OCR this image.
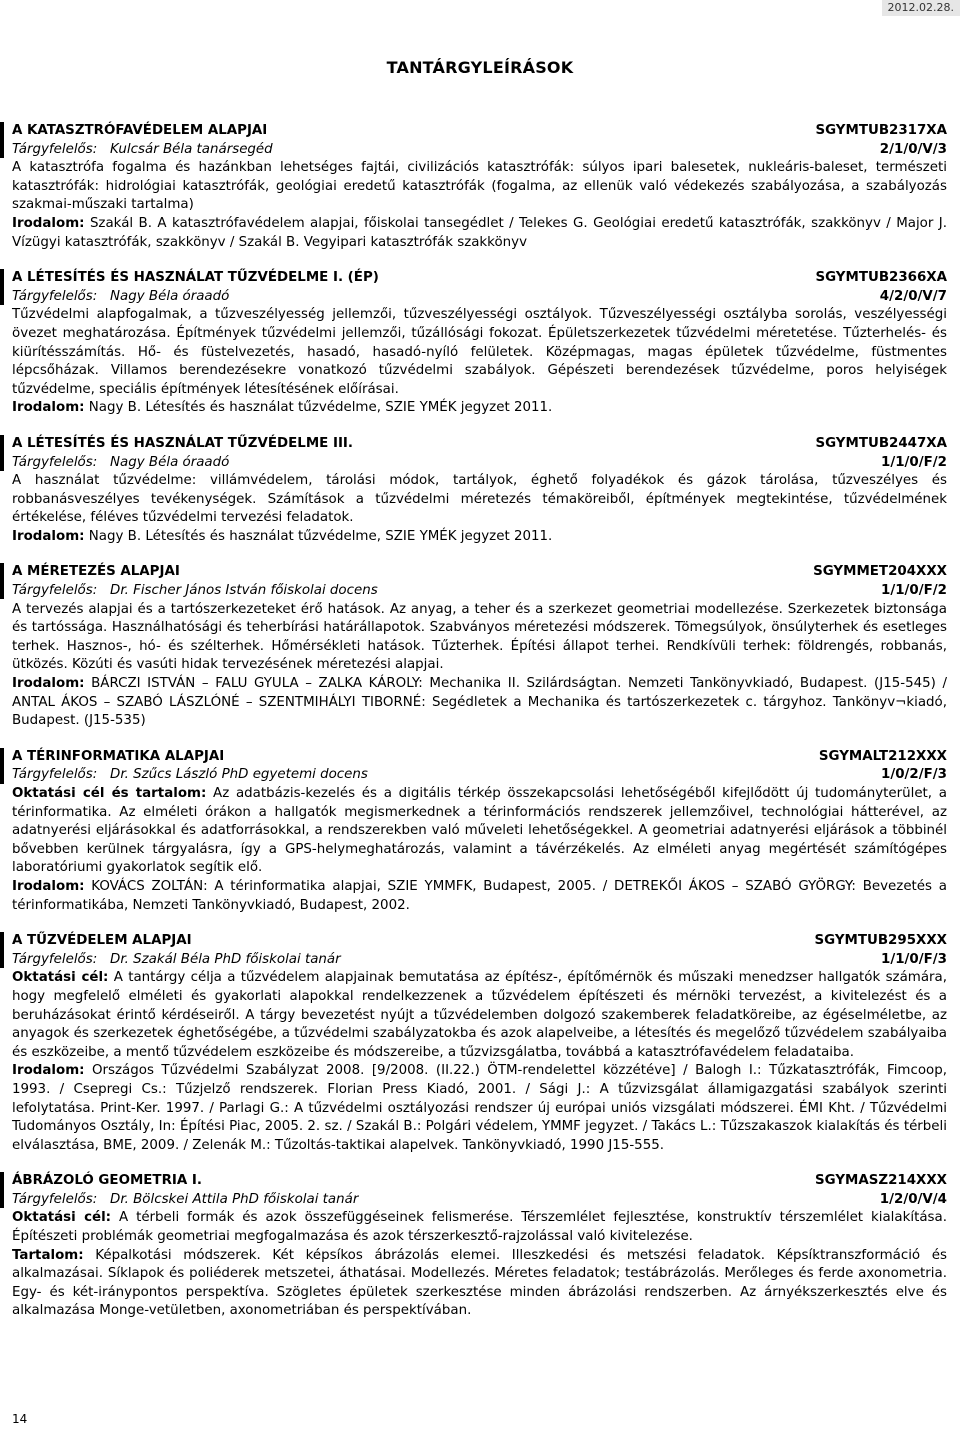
2012.02.28.
TANTÁRGYLEÍRÁSOK
A KATASZTRÓFAVÉDELEM ALAPJAI	SGYMTUB2317XA
Tárgyfelelős: Kulcsár Béla tanársegéd	2/1/0/V/3
A katasztrófa fogalma és hazánkban lehetséges fajtái, civilizációs katasztrófák: súlyos ipari balesetek, nukleáris-baleset, természeti katasztrófák: hidrológiai katasztrófák, geológiai eredetű katasztrófák (fogalma, az ellenük való védekezés szabályozása, a szabályozás szakmai-műszaki tartalma)
Irodalom: Szakál B. A katasztrófavédelem alapjai, főiskolai tansegédlet / Telekes G. Geológiai eredetű katasztrófák, szakkönyv / Major J. Vízügyi katasztrófák, szakkönyv / Szakál B. Vegyipari katasztrófák szakkönyv
A LÉTESÍTÉS ÉS HASZNÁLAT TŰZVÉDELME I. (ÉP)	SGYMTUB2366XA
Tárgyfelelős: Nagy Béla óraadó	4/2/0/V/7
Tűzvédelmi alapfogalmak, a tűzveszélyesség jellemzői, tűzveszélyességi osztályok. Tűzveszélyességi osztályba sorolás, veszélyességi övezet meghatározása. Építmények tűzvédelmi jellemzői, tűzállósági fokozat. Épületszerkezetek tűzvédelmi méretetése. Tűzterhelés- és kiürítésszámítás. Hő- és füstelvezetés, hasadó, hasadó-nyíló felületek. Középmagas, magas épületek tűzvédelme, füstmentes lépcsőházak. Villamos berendezésekre vonatkozó tűzvédelmi szabályok. Gépészeti berendezések tűzvédelme, poros helyiségek tűzvédelme, speciális építmények létesítésének előírásai.
Irodalom: Nagy B. Létesítés és használat tűzvédelme, SZIE YMÉK jegyzet 2011.
A LÉTESÍTÉS ÉS HASZNÁLAT TŰZVÉDELME III.	SGYMTUB2447XA
Tárgyfelelős: Nagy Béla óraadó	1/1/0/F/2
A használat tűzvédelme: villámvédelem, tárolási módok, tartályok, éghető folyadékok és gázok tárolása, tűzveszélyes és robbanásveszélyes tevékenységek. Számítások a tűzvédelmi méretezés témaköreiből, építmények megtekintése, tűzvédelmének értékelése, féléves tűzvédelmi tervezési feladatok.
Irodalom: Nagy B. Létesítés és használat tűzvédelme, SZIE YMÉK jegyzet 2011.
A MÉRETEZÉS ALAPJAI	SGYMMET204XXX
Tárgyfelelős: Dr. Fischer János István főiskolai docens	1/1/0/F/2
A tervezés alapjai és a tartószerkezeteket érő hatások. Az anyag, a teher és a szerkezet geometriai modellezése. Szerkezetek biztonsága és tartóssága. Használhatósági és teherbírási határállapotok. Szabványos méretezési módszerek. Tömegsúlyok, önsúlyterhek és esetleges terhek. Hasznos-, hó- és szélterhek. Hőmérsékleti hatások. Tűzterhek. Építési állapot terhei. Rendkívüli terhek: földrengés, robbanás, ütközés. Közúti és vasúti hidak tervezésének méretezési alapjai.
Irodalom: BÁRCZI ISTVÁN – FALU GYULA – ZALKA KÁROLY: Mechanika II. Szilárdságtan. Nemzeti Tankönyvkiadó, Budapest. (J15-545) / ANTAL ÁKOS – SZABÓ LÁSZLÓNÉ – SZENTMIHÁLYI TIBORNÉ: Segédletek a Mechanika és tartószerkezetek c. tárgyhoz. Tankönyv¬kiadó, Budapest. (J15-535)
A TÉRINFORMATIKA ALAPJAI	SGYMALT212XXX
Tárgyfelelős: Dr. Szűcs László PhD egyetemi docens	1/0/2/F/3
Oktatási cél és tartalom: Az adatbázis-kezelés és a digitális térkép összekapcsolási lehetőségéből kifejlődött új tudományterület, a térinformatika. Az elméleti órákon a hallgatók megismerkednek a térinformációs rendszerek jellemzőivel, technológiai hátterével, az adatnyerési eljárásokkal és adatforrásokkal, a rendszerekben való műveleti lehetőségekkel. A geometriai adatnyerési eljárások a többinél bővebben kerülnek tárgyalásra, így a GPS-helymeghatározás, valamint a távérzékelés. Az elméleti anyag megértését számítógépes laboratóriumi gyakorlatok segítik elő.
Irodalom: KOVÁCS ZOLTÁN: A térinformatika alapjai, SZIE YMMFK, Budapest, 2005. / DETREKŐI ÁKOS – SZABÓ GYÖRGY: Bevezetés a térinformatikába, Nemzeti Tankönyvkiadó, Budapest, 2002.
A TŰZVÉDELEM ALAPJAI	SGYMTUB295XXX
Tárgyfelelős: Dr. Szakál Béla PhD főiskolai tanár	1/1/0/F/3
Oktatási cél: A tantárgy célja a tűzvédelem alapjainak bemutatása az építész-, építőmérnök és műszaki menedzser hallgatók számára, hogy megfelelő elméleti és gyakorlati alapokkal rendelkezzenek a tűzvédelem építészeti és mérnöki tervezést, a kivitelezést és a beruházásokat érintő kérdéseiről. A tárgy bevezetést nyújt a tűzvédelemben dolgozó szakemberek feladatköreibe, az égéselméletbe, az anyagok és szerkezetek éghetőségébe, a tűzvédelmi szabályzatokba és azok alapelveibe, a létesítés és megelőző tűzvédelem szabályaiba és eszközeibe, a mentő tűzvédelem eszközeibe és módszereibe, a tűzvizsgálatba, továbbá a katasztrófavédelem feladataiba.
Irodalom: Országos Tűzvédelmi Szabályzat 2008. [9/2008. (II.22.) ÖTM-rendelettel közzétéve] / Balogh I.: Tűzkatasztrófák, Fimcoop, 1993. / Csepregi Cs.: Tűzjelző rendszerek. Florian Press Kiadó, 2001. / Sági J.: A tűzvizsgálat államigazgatási szabályok szerinti lefolytatása. Print-Ker. 1997. / Parlagi G.: A tűzvédelmi osztályozási rendszer új európai uniós vizsgálati módszerei. ÉMI Kht. / Tűzvédelmi Tudományos Osztály, In: Építési Piac, 2005. 2. sz. / Szakál B.: Polgári védelem, YMMF jegyzet. / Takács L.: Tűzszakaszok kialakítás és térbeli elválasztása, BME, 2009. / Zelenák M.: Tűzoltás-taktikai alapelvek. Tankönyvkiadó, 1990 J15-555.
ÁBRÁZOLÓ GEOMETRIA I.	SGYMASZ214XXX
Tárgyfelelős: Dr. Bölcskei Attila PhD főiskolai tanár	1/2/0/V/4
Oktatási cél: A térbeli formák és azok összefüggéseinek felismerése. Térszemlélet fejlesztése, konstruktív térszemlélet kialakítása. Építészeti problémák geometriai megfogalmazása és azok térszerkesztő-rajzolással való kivitelezése.
Tartalom: Képalkotási módszerek. Két képsíkos ábrázolás elemei. Illeszkedési és metszési feladatok. Képsíktranszformáció és alkalmazásai. Síklapok és poliéderek metszetei, áthatásai. Modellezés. Méretes feladatok; testábrázolás. Merőleges és ferde axonometria. Egy- és két-iránypontos perspektíva. Szögletes épületek szerkesztése minden ábrázolási rendszerben. Az árnyékszerkesztés elve és alkalmazása Monge-vetületben, axonometriában és perspektívában.
14
